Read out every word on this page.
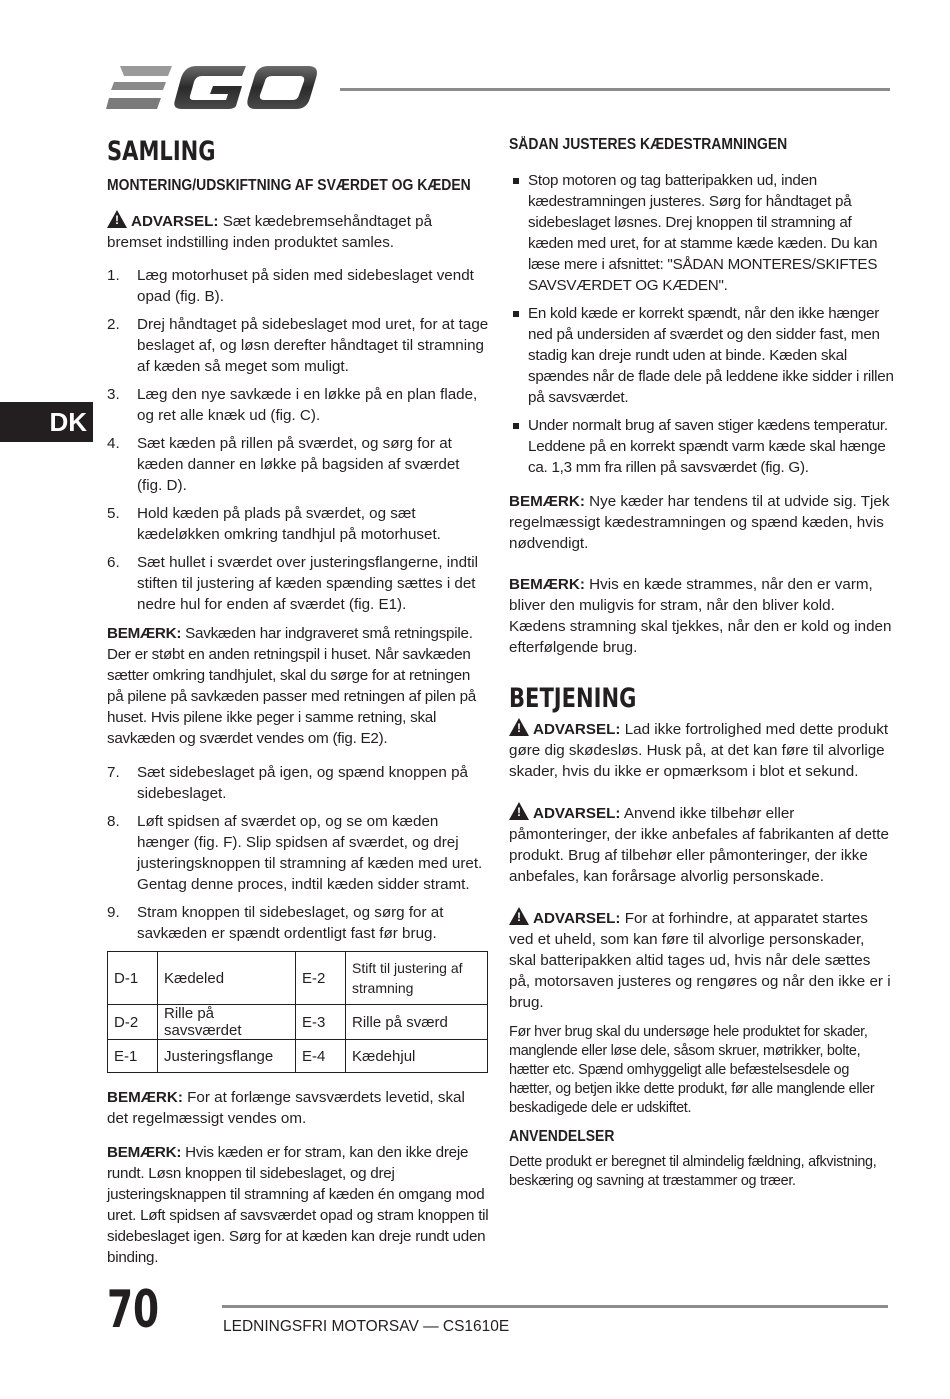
DK
SAMLING
MONTERING/UDSKIFTNING AF SVÆRDET OG KÆDEN

!ADVARSEL: Sæt kædebremsehåndtaget på bremset indstilling inden produktet samles.

1. Læg motorhuset på siden med sidebeslaget vendt opad (fig. B).
2. Drej håndtaget på sidebeslaget mod uret, for at tage beslaget af, og løsn derefter håndtaget til stramning af kæden så meget som muligt.
3. Læg den nye savkæde i en løkke på en plan flade, og ret alle knæk ud (fig. C).
4. Sæt kæden på rillen på sværdet, og sørg for at kæden danner en løkke på bagsiden af sværdet (fig. D).
5. Hold kæden på plads på sværdet, og sæt kædeløkken omkring tandhjul på motorhuset.
6. Sæt hullet i sværdet over justeringsflangerne, indtil stiften til justering af kæden spænding sættes i det nedre hul for enden af sværdet (fig. E1).

BEMÆRK: Savkæden har indgraveret små retningspile. Der er støbt en anden retningspil i huset. Når savkæden sætter omkring tandhjulet, skal du sørge for at retningen på pilene på savkæden passer med retningen af pilen på huset. Hvis pilene ikke peger i samme retning, skal savkæden og sværdet vendes om (fig. E2).

7. Sæt sidebeslaget på igen, og spænd knoppen på sidebeslaget.
8. Løft spidsen af sværdet op, og se om kæden hænger (fig. F). Slip spidsen af sværdet, og drej justeringsknoppen til stramning af kæden med uret. Gentag denne proces, indtil kæden sidder stramt.
9. Stram knoppen til sidebeslaget, og sørg for at savkæden er spændt ordentligt fast før brug.
D-1	Kædeled	E-2	Stift til justering af stramning
D-2	Rille på savsværdet	E-3	Rille på sværd
E-1	Justeringsflange	E-4	Kædehjul

BEMÆRK: For at forlænge savsværdets levetid, skal det regelmæssigt vendes om.

BEMÆRK: Hvis kæden er for stram, kan den ikke dreje rundt. Løsn knoppen til sidebeslaget, og drej justeringsknappen til stramning af kæden én omgang mod uret. Løft spidsen af savsværdet opad og stram knoppen til sidebeslaget igen. Sørg for at kæden kan dreje rundt uden binding.

SÅDAN JUSTERES KÆDESTRAMNINGEN
Stop motoren og tag batteripakken ud, inden kædestramningen justeres. Sørg for håndtaget på sidebeslaget løsnes. Drej knoppen til stramning af kæden med uret, for at stamme kæde kæden. Du kan læse mere i afsnittet: "SÅDAN MONTERES/SKIFTES SAVSVÆRDET OG KÆDEN".
En kold kæde er korrekt spændt, når den ikke hænger ned på undersiden af sværdet og den sidder fast, men stadig kan dreje rundt uden at binde. Kæden skal spændes når de flade dele på leddene ikke sidder i rillen på savsværdet.
Under normalt brug af saven stiger kædens temperatur. Leddene på en korrekt spændt varm kæde skal hænge ca. 1,3 mm fra rillen på savsværdet (fig. G).

BEMÆRK: Nye kæder har tendens til at udvide sig. Tjek regelmæssigt kædestramningen og spænd kæden, hvis nødvendigt.

BEMÆRK: Hvis en kæde strammes, når den er varm, bliver den muligvis for stram, når den bliver kold. Kædens stramning skal tjekkes, når den er kold og inden efterfølgende brug.

BETJENING

!ADVARSEL: Lad ikke fortrolighed med dette produkt gøre dig skødesløs. Husk på, at det kan føre til alvorlige skader, hvis du ikke er opmærksom i blot et sekund.

!ADVARSEL: Anvend ikke tilbehør eller påmonteringer, der ikke anbefales af fabrikanten af dette produkt. Brug af tilbehør eller påmonteringer, der ikke anbefales, kan forårsage alvorlig personskade.

!ADVARSEL: For at forhindre, at apparatet startes ved et uheld, som kan føre til alvorlige personskader, skal batteripakken altid tages ud, hvis når dele sættes på, motorsaven justeres og rengøres og når den ikke er i brug.

Før hver brug skal du undersøge hele produktet for skader, manglende eller løse dele, såsom skruer, møtrikker, bolte, hætter etc. Spænd omhyggeligt alle befæstelsesdele og hætter, og betjen ikke dette produkt, før alle manglende eller beskadigede dele er udskiftet.

ANVENDELSER

Dette produkt er beregnet til almindelig fældning, afkvistning, beskæring og savning at træstammer og træer.

70	LEDNINGSFRI MOTORSAV — CS1610E
